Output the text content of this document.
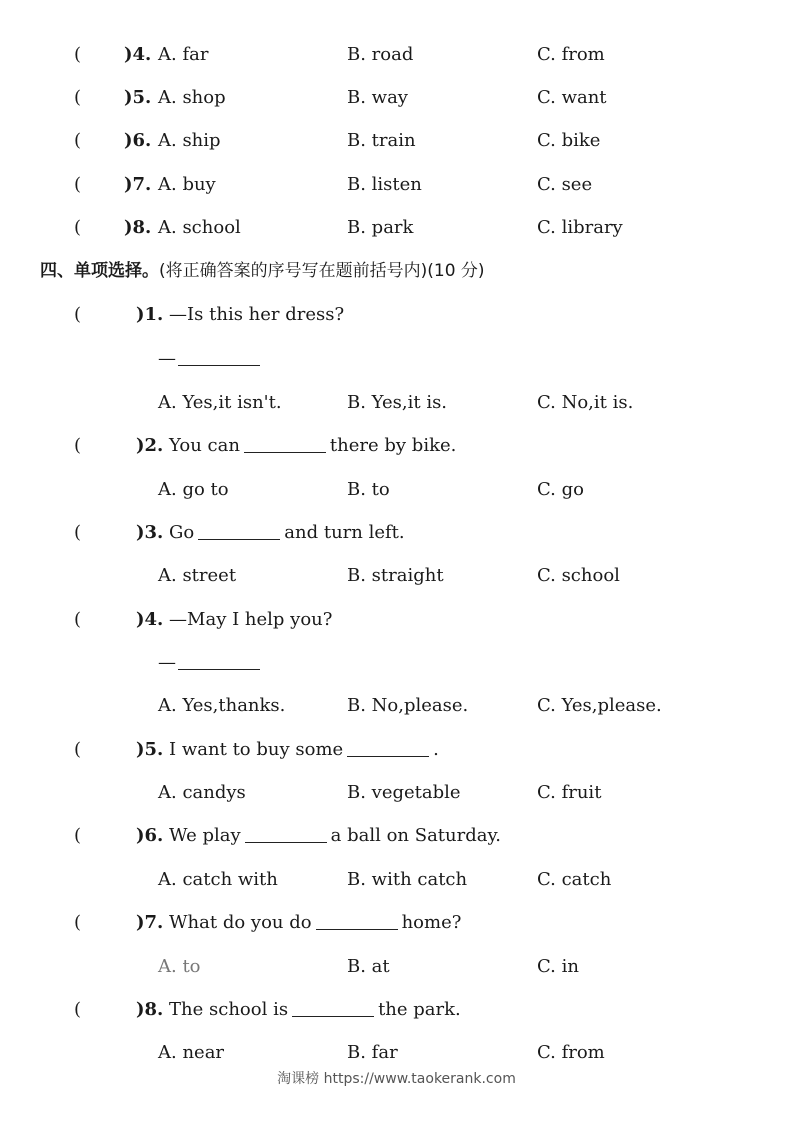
( )4. A. far	B. road	C. from
( )5. A. shop	B. way	C. want
( )6. A. ship	B. train	C. bike
( )7. A. buy	B. listen	C. see
( )8. A. school	B. park	C. library
四、单项选择。(将正确答案的序号写在题前括号内)(10 分)
(	)1. —Is this her dress?
—
A. Yes,it isn't.	B. Yes,it is.	C. No,it is.
(	)2. You can	there by bike.
A. go to	B. to	C. go
(	)3. Go	and turn left.
A. street	B. straight	C. school
(	)4. —May I help you?
—
A. Yes,thanks.	B. No,please.	C. Yes,please.
(	)5. I want to buy some	.
A. candys	B. vegetable	C. fruit
(	)6. We play	a ball on Saturday.
A. catch with	B. with catch	C. catch
(	)7. What do you do	home?
A. to	B. at	C. in
(	)8. The school is	the park.
A. near	B. far	C. from
淘课榜 https://www.taokerank.com
